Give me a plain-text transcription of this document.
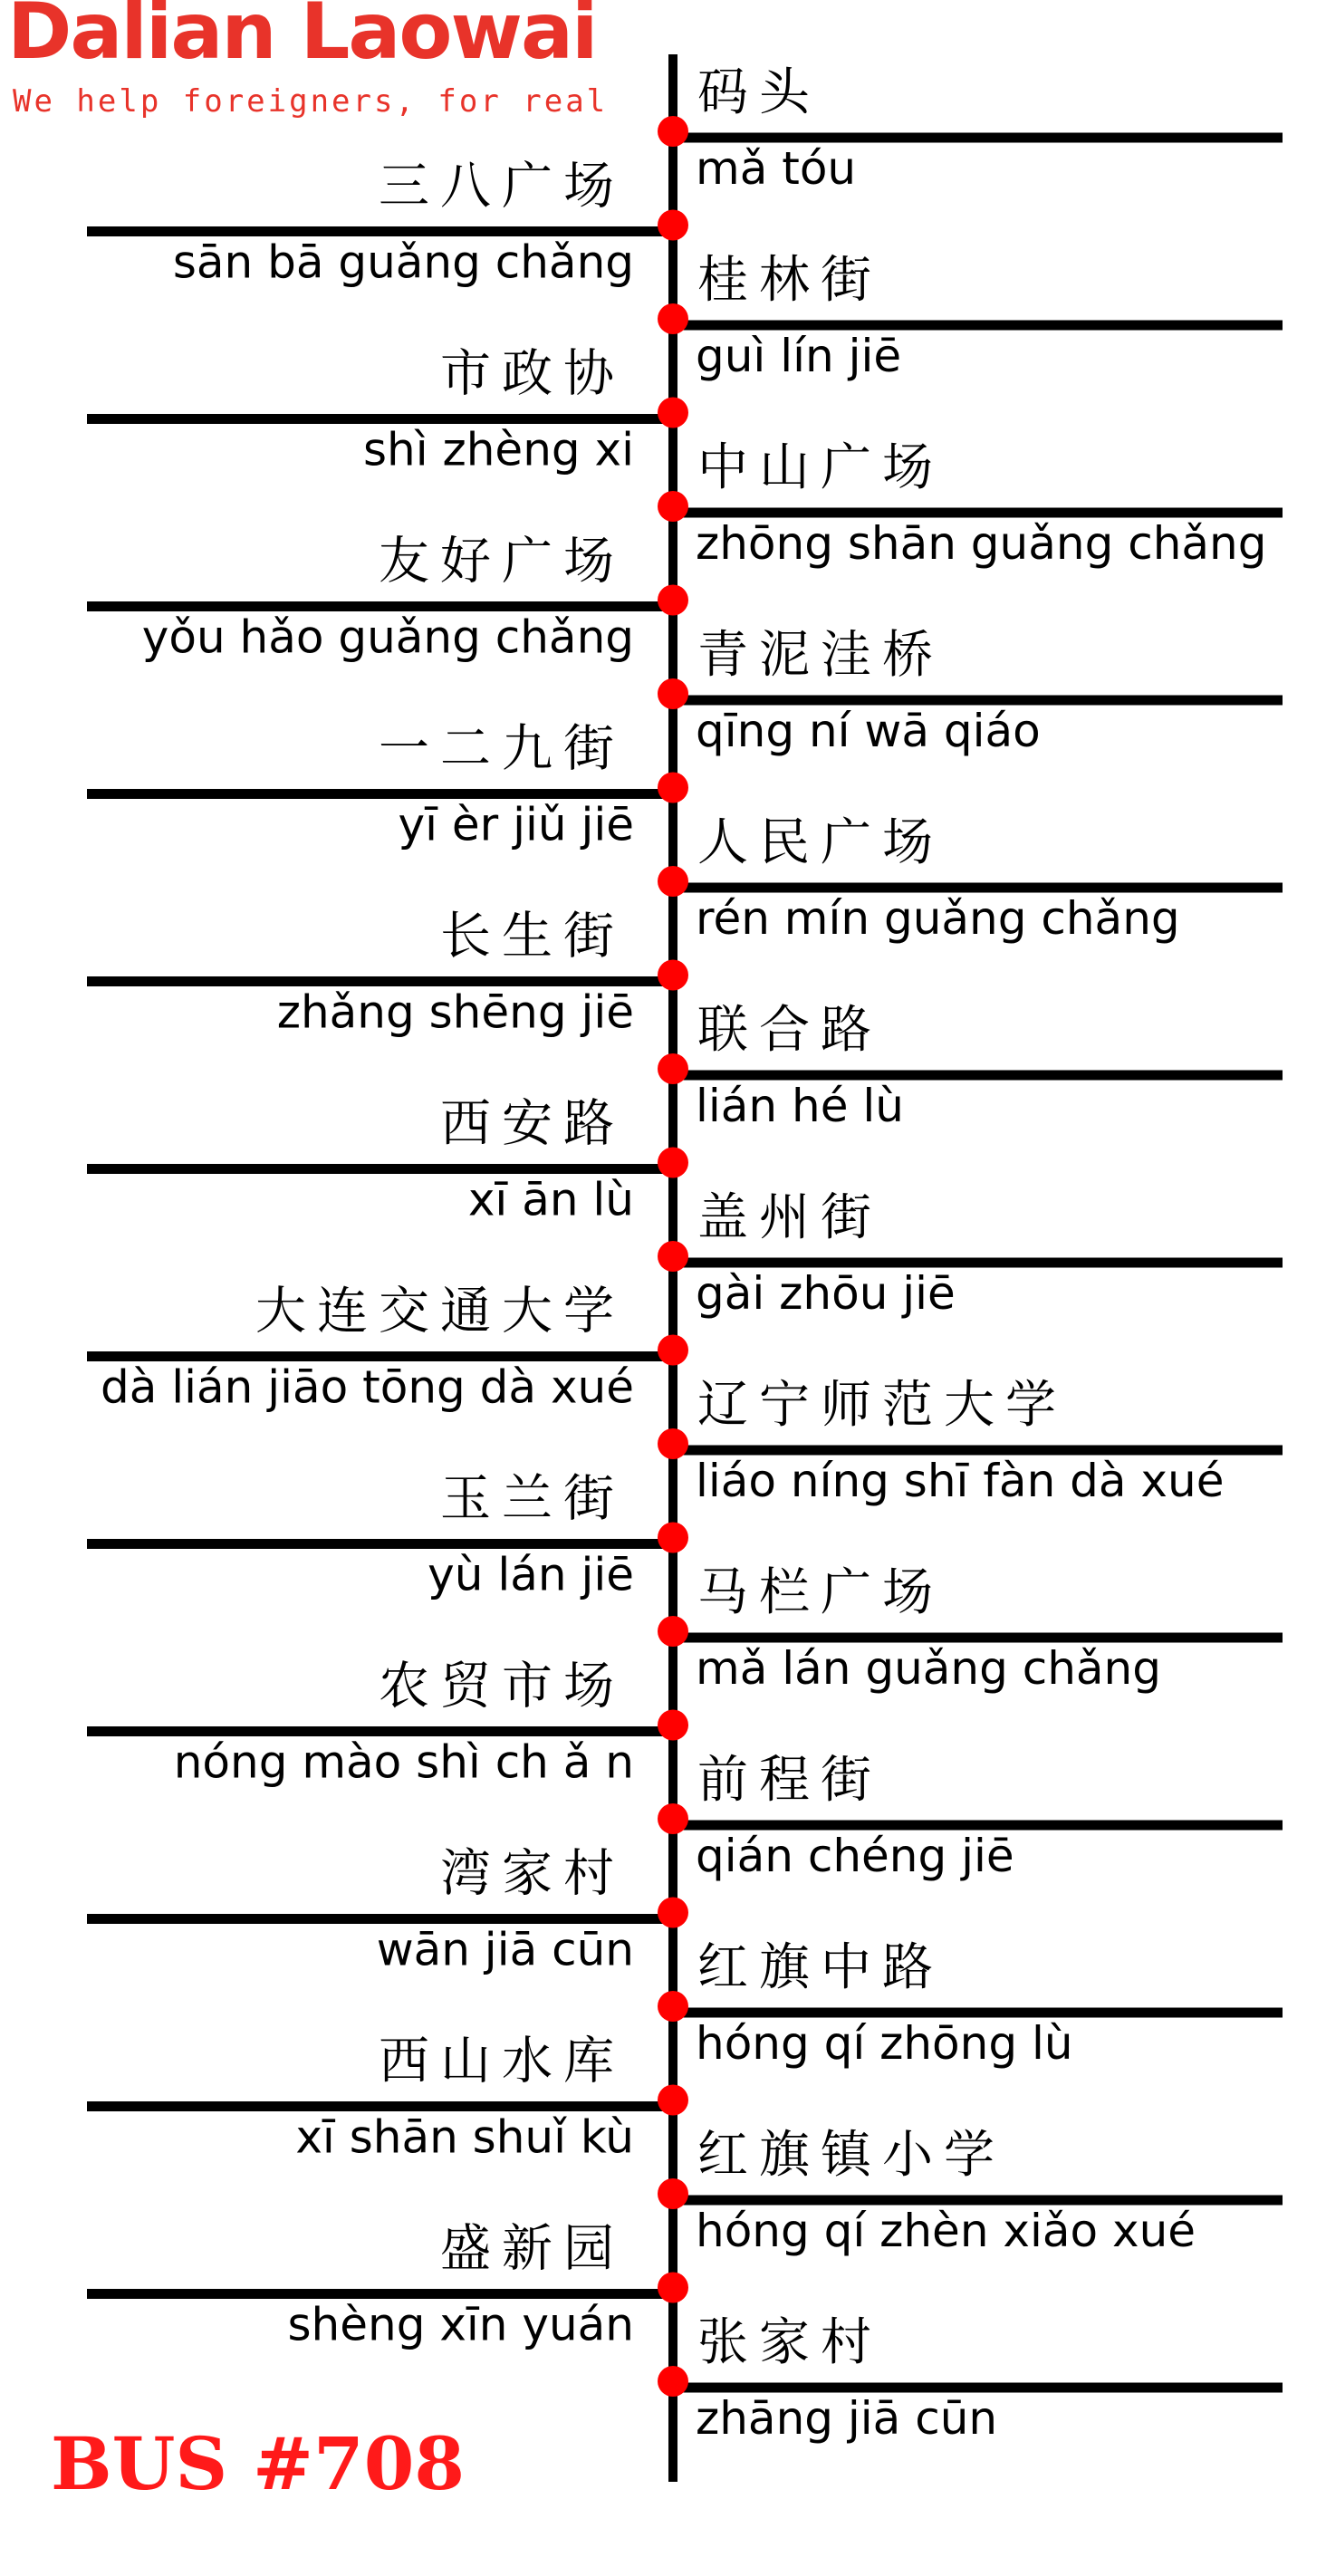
码头
mǎ tóu
三八广场
sān bā guǎng chǎng 桂林街
guì lín jiē
市政协
shì zhèng xi 中山广场
zhōng shān guǎng chǎng
友好广场
yǒu hǎo guǎng chǎng 青泥洼桥
qīng ní wā qiáo
一二九街
yī èr jiǔ jiē 人民广场
rén mín guǎng chǎng
长生街
zhǎng shēng jiē 联合路
lián hé lù
西安路
xī ān lù 盖州街
gài zhōu jiē
大连交通大学
dà lián jiāo tōng dà xué 辽宁师范大学
liáo níng shī fàn dà xué
玉兰街
yù lán jiē 马栏广场
mǎ lán guǎng chǎng
农贸市场
nóng mào shì ch ǎ n 前程街
qián chéng jiē
湾家村
wān jiā cūn 红旗中路
hóng qí zhōng lù
西山水库
xī shān shuǐ kù 红旗镇小学
hóng qí zhèn xiǎo xué
盛新园
shèng xīn yuán 张家村
zhāng jiā cūn
Dalian Laowai
We help foreigners, for real
BUS #708
